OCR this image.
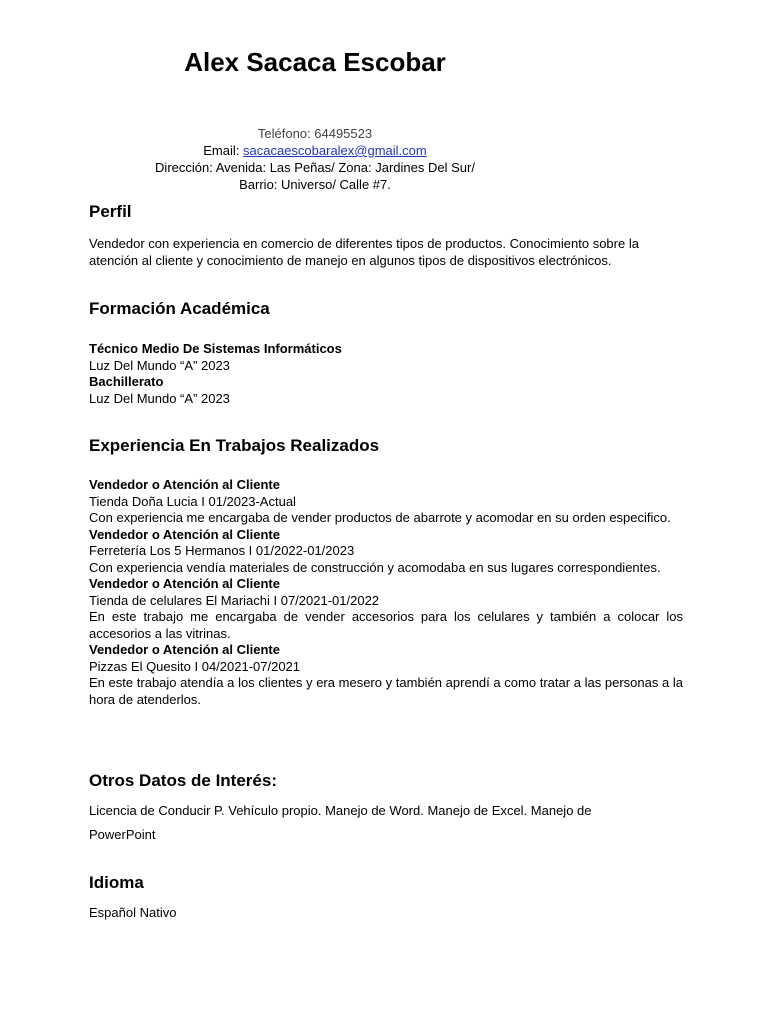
Alex Sacaca Escobar
Teléfono: 64495523
Email: sacacaescobaralex@gmail.com
Dirección: Avenida: Las Peñas/ Zona: Jardines Del Sur/
Barrio: Universo/ Calle #7.
Perfil
Vendedor con experiencia en comercio de diferentes tipos de productos. Conocimiento sobre la atención al cliente y conocimiento de manejo en algunos tipos de dispositivos electrónicos.
Formación Académica
Técnico Medio De Sistemas Informáticos
Luz Del Mundo “A” 2023
Bachillerato
Luz Del Mundo “A” 2023
Experiencia En Trabajos Realizados
Vendedor o Atención al Cliente
Tienda Doña Lucia I 01/2023-Actual
Con experiencia me encargaba de vender productos de abarrote y acomodar en su orden especifico.
Vendedor o Atención al Cliente
Ferretería Los 5 Hermanos I 01/2022-01/2023
Con experiencia vendía materiales de construcción y acomodaba en sus lugares correspondientes.
Vendedor o Atención al Cliente
Tienda de celulares El Mariachi I 07/2021-01/2022
En este trabajo me encargaba de vender accesorios para los celulares y también a colocar los accesorios a las vitrinas.
Vendedor o Atención al Cliente
Pizzas El Quesito I 04/2021-07/2021
En este trabajo atendía a los clientes y era mesero y también aprendí a como tratar a las personas a la hora de atenderlos.
Otros Datos de Interés:
Licencia de Conducir P. Vehículo propio. Manejo de Word. Manejo de Excel. Manejo de PowerPoint
Idioma
Español Nativo
